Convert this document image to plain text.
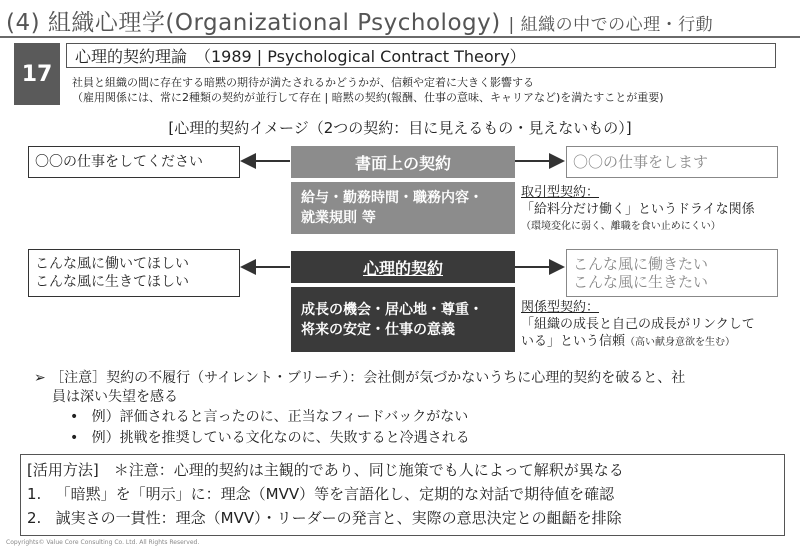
(4) 組織心理学(Organizational Psychology) | 組織の中での心理・行動
17
心理的契約理論　（1989 | Psychological Contract Theory）
社員と組織の間に存在する暗黙の期待が満たされるかどうかが、信頼や定着に大きく影響する
（雇用関係には、常に2種類の契約が並行して存在 | 暗黙の契約(報酬、仕事の意味、キャリアなど)を満たすことが重要)
[心理的契約イメージ（2つの契約：目に見えるもの・見えないもの）]
〇〇の仕事をしてください	書面上の契約
給与・勤務時間・職務内容・
就業規則 等
〇〇の仕事をします
取引型契約：
「給料分だけ働く」というドライな関係
（環境変化に弱く、離職を食い止めにくい）
こんな風に働いてほしい
こんな風に生きてほしい
心理的契約
成長の機会・居心地・尊重・
将来の安定・仕事の意義
こんな風に働きたい
こんな風に生きたい
関係型契約：
「組織の成長と自己の成長がリンクして
いる」という信頼（高い献身意欲を生む）
➢ ［注意］契約の不履行（サイレント・ブリーチ）：会社側が気づかないうちに心理的契約を破ると、社
員は深い失望を感る
• 例）評価されると言ったのに、正当なフィードバックがない
• 例）挑戦を推奨している文化なのに、失敗すると冷遇される
[活用方法]　＊注意：心理的契約は主観的であり、同じ施策でも人によって解釈が異なる
1. 「暗黙」を「明示」に：理念（MVV）等を言語化し、定期的な対話で期待値を確認
2. 誠実さの一貫性：理念（MVV）・リーダーの発言と、実際の意思決定との齟齬を排除
Copyrights© Value Core Consulting Co. Ltd. All Rights Reserved.
